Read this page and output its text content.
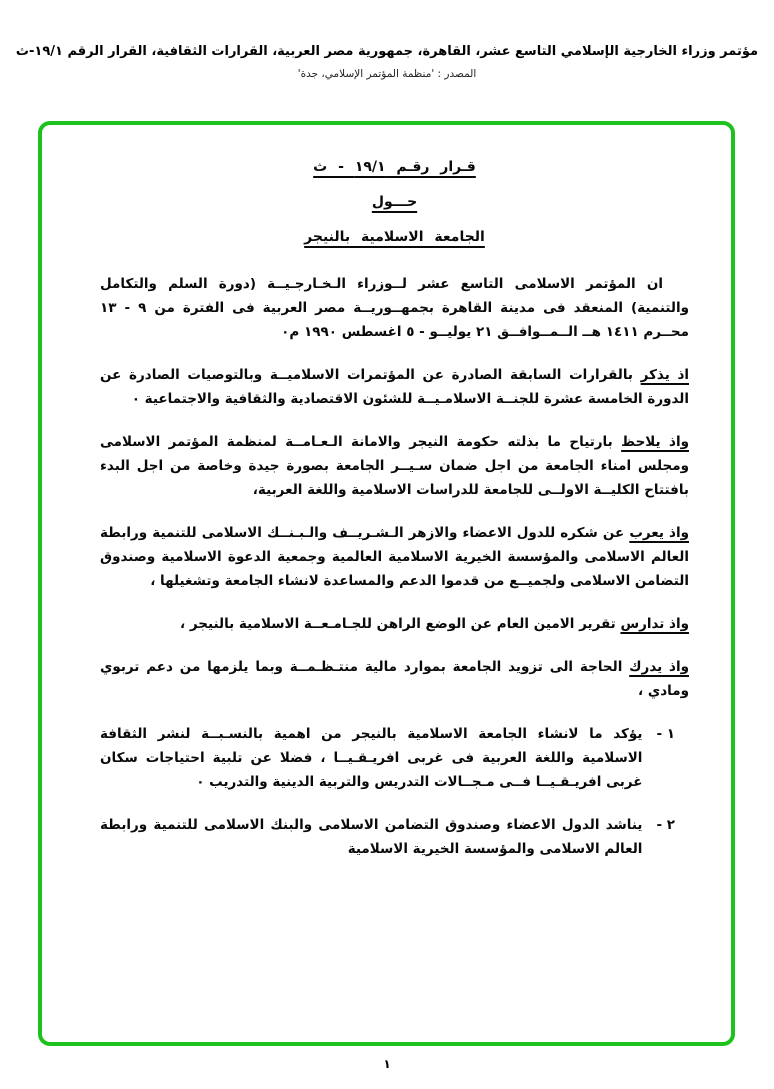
مؤتمر وزراء الخارجية الإسلامي التاسع عشر، القاهرة، جمهورية مصر العربية، القرارات الثقافية، القرار الرقم ١٩/١-ث
المصدر : 'منظمة المؤتمر الإسلامي، جدة'
قـرار رقـم ١٩/١ - ث
حـــول
الجامعة الاسلامية بالنيجر

ان المؤتمر الاسلامى التاسع عشر لــوزراء الـخـارجـيــة (دورة السلم والتكامل والتنمية) المنعقد فى مدينة القاهرة بجمهــوريــة مصر العربية فى الفترة من ٩ - ١٣ محــرم ١٤١١ هــ الــمــوافــق ٢١ يوليــو - ٥ اغسطس ١٩٩٠ م٠

اذ يذكر بالقرارات السابقة الصادرة عن المؤتمرات الاسلاميــة وبالتوصيات الصادرة عن الدورة الخامسة عشرة للجنــة الاسلامـيــة للشئون الاقتصادية والثقافية والاجتماعية ٠

واذ يلاحظ بارتياح ما بذلته حكومة النيجر والامانة الـعـامــة لمنظمة المؤتمر الاسلامى ومجلس امناء الجامعة من اجل ضمان سـيــر الجامعة بصورة جيدة وخاصة من اجل البدء بافتتاح الكليــة الاولــى للجامعة للدراسات الاسلامية واللغة العربية،

واذ يعرب عن شكره للدول الاعضاء والازهر الـشـريــف والـبـنــك الاسلامى للتنمية ورابطة العالم الاسلامى والمؤسسة الخيرية الاسلامية العالمية وجمعية الدعوة الاسلامية وصندوق التضامن الاسلامى ولجميــع من قدموا الدعم والمساعدة لانشاء الجامعة وتشغيلها ،

واذ تدارس تقرير الامين العام عن الوضع الراهن للجـامـعــة الاسلامية بالنيجر ،

واذ يدرك الحاجة الى تزويد الجامعة بموارد مالية منتـظـمــة وبما يلزمها من دعم تربوي ومادي ،

١ -
يؤكد ما لانشاء الجامعة الاسلامية بالنيجر من اهمية بالنسـبــة لنشر الثقافة الاسلامية واللغة العربية فى غربى افريـقـيــا ، فضلا عن تلبية احتياجات سكان غربى افريـقـيــا فــى مـجــالات التدريس والتربية الدينية والتدريب ٠
٢ -
يناشد الدول الاعضاء وصندوق التضامن الاسلامى والبنك الاسلامى للتنمية ورابطة العالم الاسلامى والمؤسسة الخيرية الاسلامية
١
